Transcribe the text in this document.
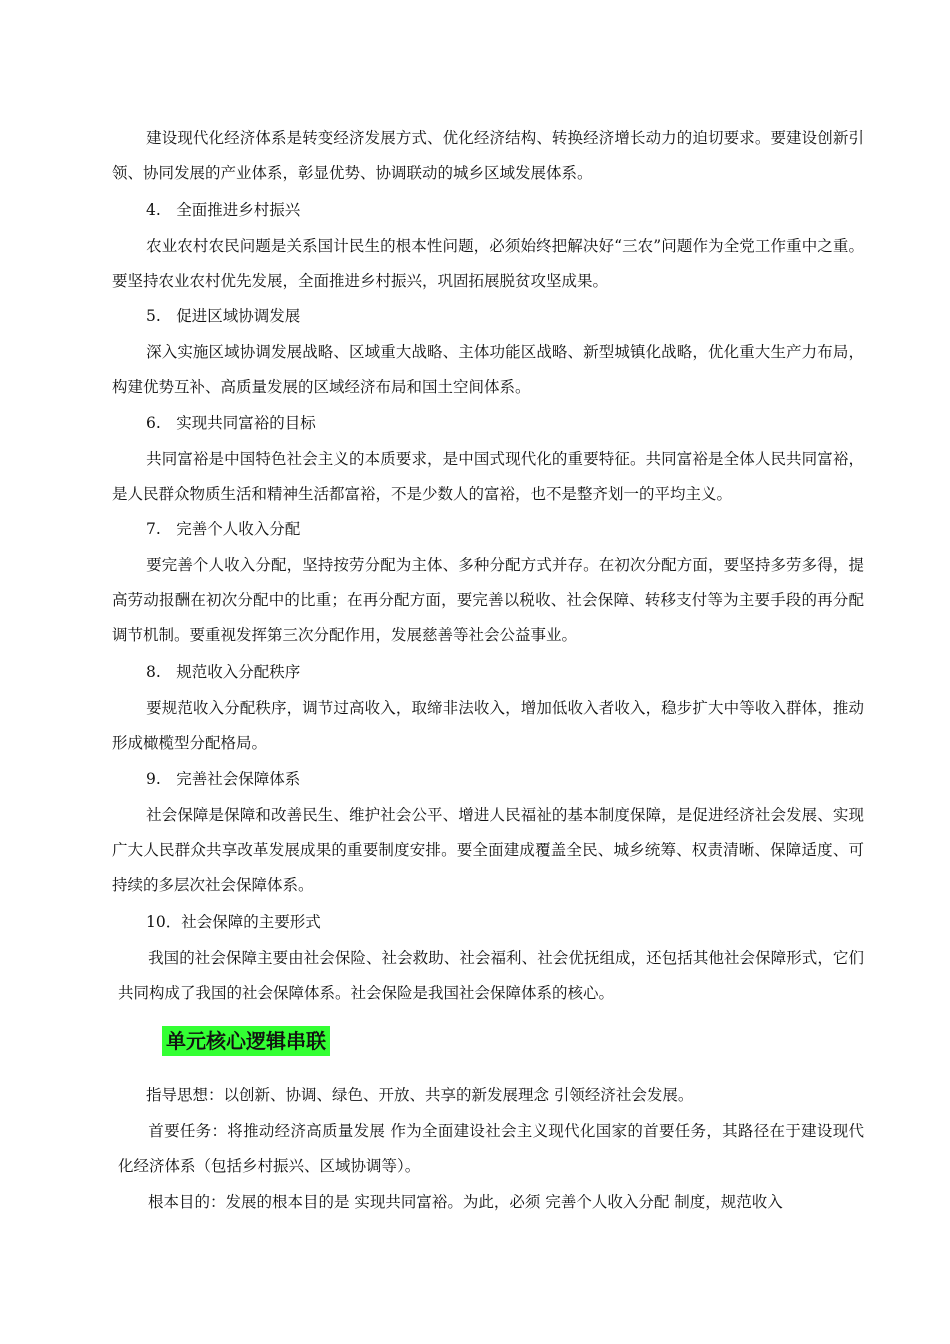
建设现代化经济体系是转变经济发展方式、优化经济结构、转换经济增长动力的迫切要求。要建设创新引领、协同发展的产业体系，彰显优势、协调联动的城乡区域发展体系。

4.　全面推进乡村振兴

农业农村农民问题是关系国计民生的根本性问题，必须始终把解决好“三农”问题作为全党工作重中之重。要坚持农业农村优先发展，全面推进乡村振兴，巩固拓展脱贫攻坚成果。

5.　促进区域协调发展

深入实施区域协调发展战略、区域重大战略、主体功能区战略、新型城镇化战略，优化重大生产力布局，构建优势互补、高质量发展的区域经济布局和国土空间体系。

6.　实现共同富裕的目标

共同富裕是中国特色社会主义的本质要求，是中国式现代化的重要特征。共同富裕是全体人民共同富裕，是人民群众物质生活和精神生活都富裕，不是少数人的富裕，也不是整齐划一的平均主义。

7.　完善个人收入分配

要完善个人收入分配，坚持按劳分配为主体、多种分配方式并存。在初次分配方面，要坚持多劳多得，提高劳动报酬在初次分配中的比重；在再分配方面，要完善以税收、社会保障、转移支付等为主要手段的再分配调节机制。要重视发挥第三次分配作用，发展慈善等社会公益事业。

8.　规范收入分配秩序

要规范收入分配秩序，调节过高收入，取缔非法收入，增加低收入者收入，稳步扩大中等收入群体，推动形成橄榄型分配格局。

9.　完善社会保障体系

社会保障是保障和改善民生、维护社会公平、增进人民福祉的基本制度保障，是促进经济社会发展、实现广大人民群众共享改革发展成果的重要制度安排。要全面建成覆盖全民、城乡统筹、权责清晰、保障适度、可持续的多层次社会保障体系。

10．社会保障的主要形式

我国的社会保障主要由社会保险、社会救助、社会福利、社会优抚组成，还包括其他社会保障形式，它们共同构成了我国的社会保障体系。社会保险是我国社会保障体系的核心。

单元核心逻辑串联

指导思想：以创新、协调、绿色、开放、共享的新发展理念 引领经济社会发展。

首要任务：将推动经济高质量发展 作为全面建设社会主义现代化国家的首要任务，其路径在于建设现代化经济体系（包括乡村振兴、区域协调等）。

根本目的：发展的根本目的是 实现共同富裕。为此，必须 完善个人收入分配 制度，规范收入
